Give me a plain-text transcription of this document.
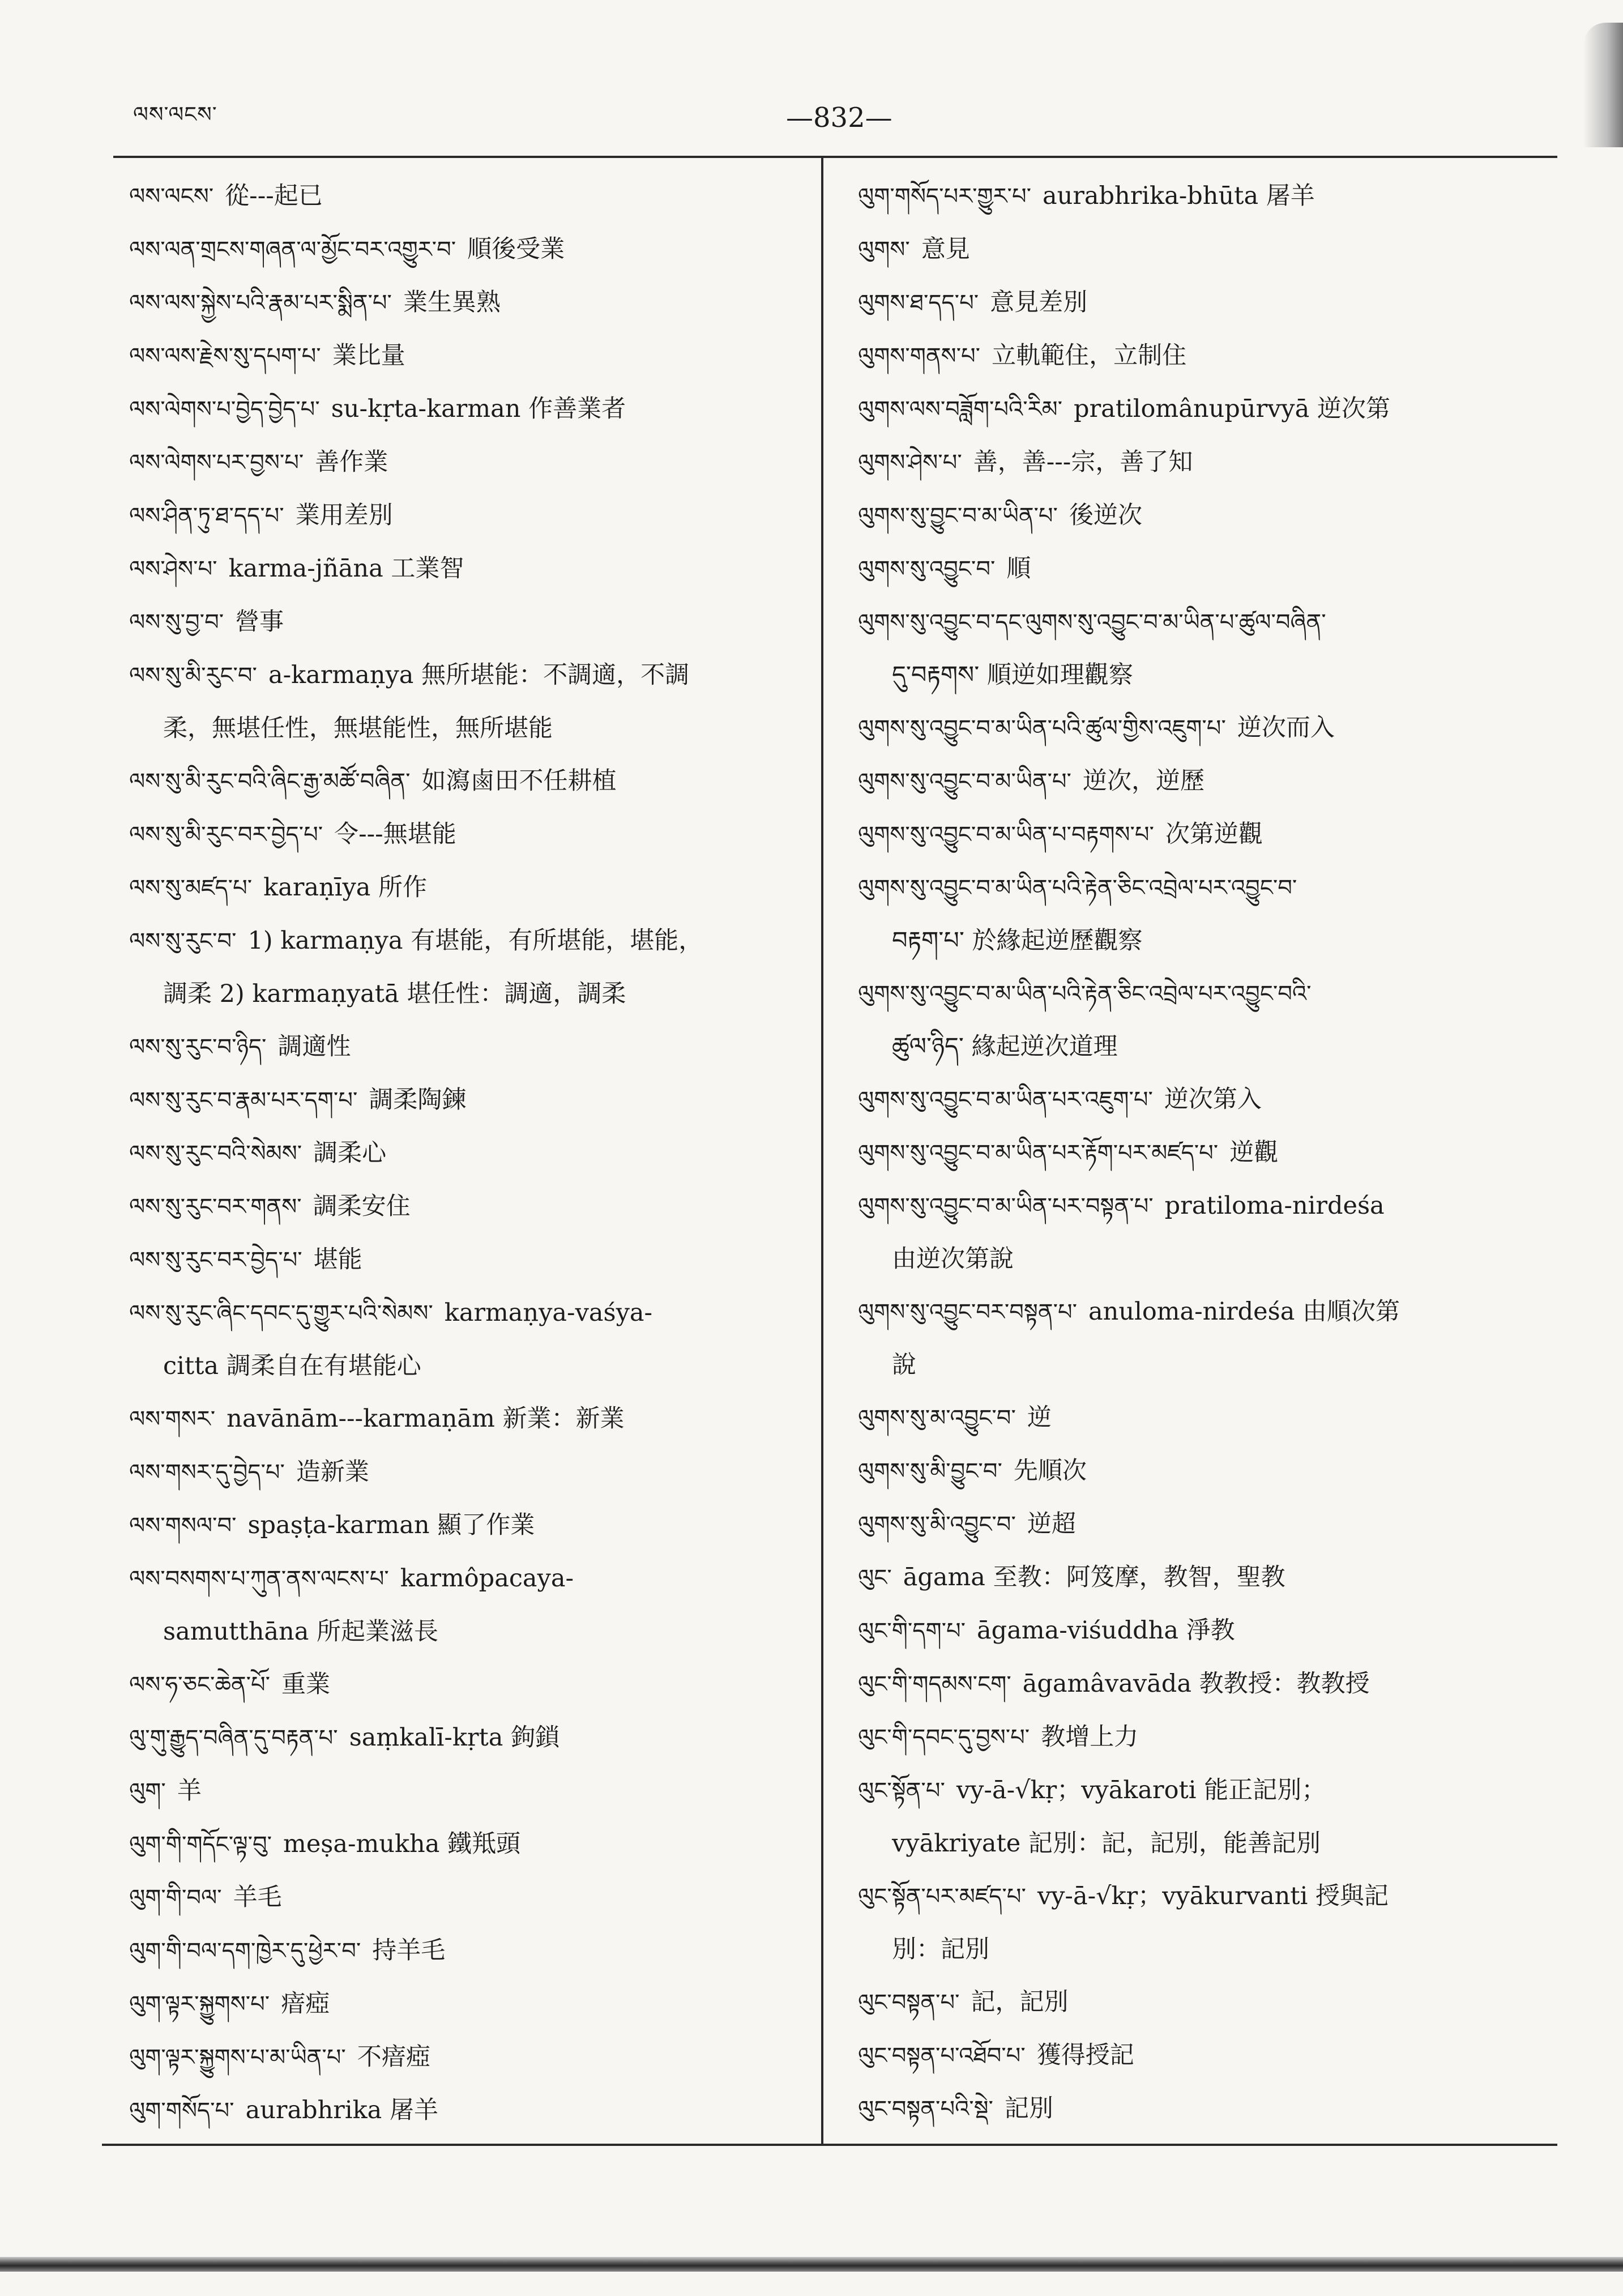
ལས་ལངས་	—832—
ལས་ལངས་ 從---起已
ལས་ལན་གྲངས་གཞན་ལ་མྱོང་བར་འགྱུར་བ་ 順後受業
ལས་ལས་སྐྱེས་པའི་རྣམ་པར་སྨིན་པ་ 業生異熟
ལས་ལས་རྗེས་སུ་དཔག་པ་ 業比量
ལས་ལེགས་པ་བྱེད་བྱེད་པ་ su-kṛta-karman 作善業者
ལས་ལེགས་པར་བྱས་པ་ 善作業
ལས་ཤིན་ཏུ་ཐ་དད་པ་ 業用差別
ལས་ཤེས་པ་ karma-jñāna 工業智
ལས་སུ་བྱ་བ་ 營事
ལས་སུ་མི་རུང་བ་ a-karmaṇya 無所堪能：不調適，不調
柔，無堪任性，無堪能性，無所堪能
ལས་སུ་མི་རུང་བའི་ཞིང་རྒྱ་མཚོ་བཞིན་ 如瀉鹵田不任耕植
ལས་སུ་མི་རུང་བར་བྱེད་པ་ 令---無堪能
ལས་སུ་མཛད་པ་ karaṇīya 所作
ལས་སུ་རུང་བ་ 1) karmaṇya 有堪能，有所堪能，堪能，
調柔 2) karmaṇyatā 堪任性：調適，調柔
ལས་སུ་རུང་བ་ཉིད་ 調適性
ལས་སུ་རུང་བ་རྣམ་པར་དག་པ་ 調柔陶鍊
ལས་སུ་རུང་བའི་སེམས་ 調柔心
ལས་སུ་རུང་བར་གནས་ 調柔安住
ལས་སུ་རུང་བར་བྱེད་པ་ 堪能
ལས་སུ་རུང་ཞིང་དབང་དུ་གྱུར་པའི་སེམས་ karmaṇya-vaśya-
citta 調柔自在有堪能心
ལས་གསར་ navānām---karmaṇām 新業：新業
ལས་གསར་དུ་བྱེད་པ་ 造新業
ལས་གསལ་བ་ spaṣṭa-karman 顯了作業
ལས་བསགས་པ་ཀུན་ནས་ལངས་པ་ karmôpacaya-
samutthāna 所起業滋長
ལས་ཧ་ཅང་ཆེན་པོ་ 重業
ལུ་གུ་རྒྱུད་བཞིན་དུ་བརྟན་པ་ saṃkalī-kṛta 鉤鎖
ལུག་ 羊
ལུག་གི་གདོང་ལྟ་བུ་ meṣa-mukha 鐵羝頭
ལུག་གི་བལ་ 羊毛
ལུག་གི་བལ་དག་ཁྱེར་དུ་ཕྱེར་བ་ 持羊毛
ལུག་ལྟར་སྐྱུགས་པ་ 瘖瘂
ལུག་ལྟར་སྐྱུགས་པ་མ་ཡིན་པ་ 不瘖瘂
ལུག་གསོད་པ་ aurabhrika 屠羊
ལུག་གསོད་པར་གྱུར་པ་ aurabhrika-bhūta 屠羊
ལུགས་ 意見
ལུགས་ཐ་དད་པ་ 意見差別
ལུགས་གནས་པ་ 立軌範住，立制住
ལུགས་ལས་བཟློག་པའི་རིམ་ pratilomânupūrvyā 逆次第
ལུགས་ཤེས་པ་ 善，善---宗，善了知
ལུགས་སུ་བྱུང་བ་མ་ཡིན་པ་ 後逆次
ལུགས་སུ་འབྱུང་བ་ 順
ལུགས་སུ་འབྱུང་བ་དང་ལུགས་སུ་འབྱུང་བ་མ་ཡིན་པ་ཚུལ་བཞིན་
དུ་བརྟགས་ 順逆如理觀察
ལུགས་སུ་འབྱུང་བ་མ་ཡིན་པའི་ཚུལ་གྱིས་འཇུག་པ་ 逆次而入
ལུགས་སུ་འབྱུང་བ་མ་ཡིན་པ་ 逆次，逆歷
ལུགས་སུ་འབྱུང་བ་མ་ཡིན་པ་བརྟགས་པ་ 次第逆觀
ལུགས་སུ་འབྱུང་བ་མ་ཡིན་པའི་རྟེན་ཅིང་འབྲེལ་པར་འབྱུང་བ་
བརྟག་པ་ 於緣起逆歷觀察
ལུགས་སུ་འབྱུང་བ་མ་ཡིན་པའི་རྟེན་ཅིང་འབྲེལ་པར་འབྱུང་བའི་
ཚུལ་ཉིད་ 緣起逆次道理
ལུགས་སུ་འབྱུང་བ་མ་ཡིན་པར་འཇུག་པ་ 逆次第入
ལུགས་སུ་འབྱུང་བ་མ་ཡིན་པར་རྟོག་པར་མཛད་པ་ 逆觀
ལུགས་སུ་འབྱུང་བ་མ་ཡིན་པར་བསྟན་པ་ pratiloma-nirdeśa
由逆次第說
ལུགས་སུ་འབྱུང་བར་བསྟན་པ་ anuloma-nirdeśa 由順次第
說
ལུགས་སུ་མ་འབྱུང་བ་ 逆
ལུགས་སུ་མི་བྱུང་བ་ 先順次
ལུགས་སུ་མི་འབྱུང་བ་ 逆超
ལུང་ āgama 至教：阿笈摩，教智，聖教
ལུང་གི་དག་པ་ āgama-viśuddha 淨教
ལུང་གི་གདམས་ངག་ āgamâvavāda 教教授：教教授
ལུང་གི་དབང་དུ་བྱས་པ་ 教增上力
ལུང་སྟོན་པ་ vy-ā-√kṛ；vyākaroti 能正記別；
vyākriyate 記別：記，記別，能善記別
ལུང་སྟོན་པར་མཛད་པ་ vy-ā-√kṛ；vyākurvanti 授與記
別：記別
ལུང་བསྟན་པ་ 記，記別
ལུང་བསྟན་པ་འཐོབ་པ་ 獲得授記
ལུང་བསྟན་པའི་སྡེ་ 記別
